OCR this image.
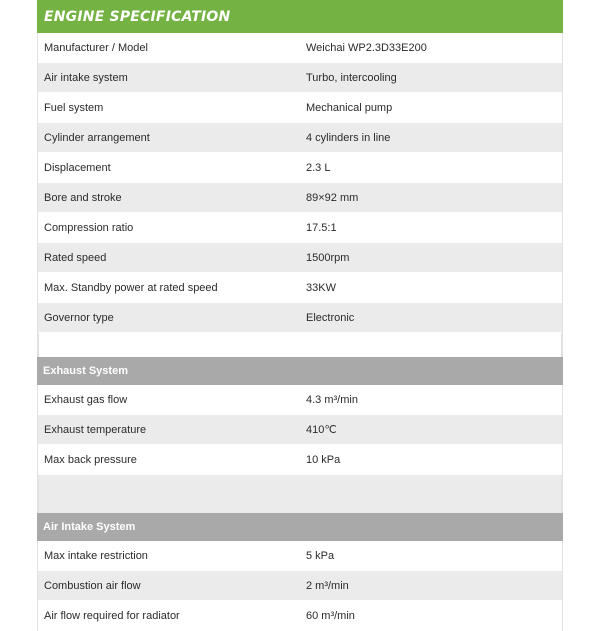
ENGINE SPECIFICATION
Manufacturer / Model	Weichai WP2.3D33E200
Air intake system	Turbo, intercooling
Fuel system	Mechanical pump
Cylinder arrangement	4 cylinders in line
Displacement	2.3 L
Bore and stroke	89×92 mm
Compression ratio	17.5:1
Rated speed	1500rpm
Max. Standby power at rated speed	33KW
Governor type	Electronic
Exhaust System
Exhaust gas flow	4.3 m³/min
Exhaust temperature	410℃
Max back pressure	10 kPa
Air Intake System
Max intake restriction	5 kPa
Combustion air flow	2 m³/min
Air flow required for radiator	60 m³/min
